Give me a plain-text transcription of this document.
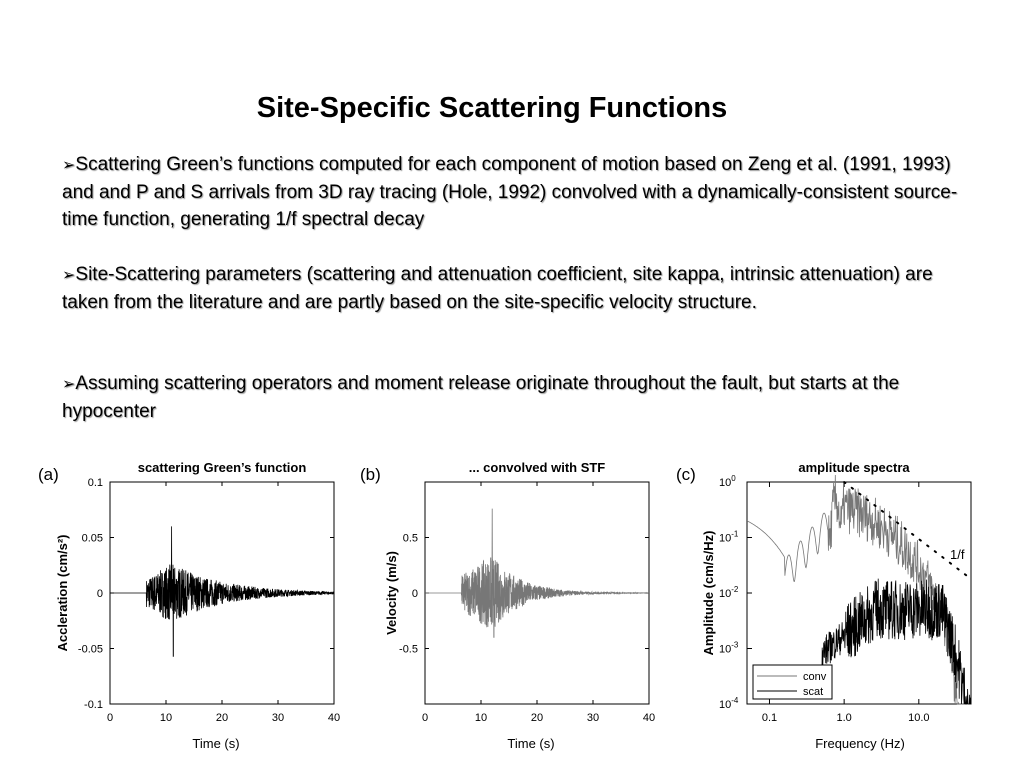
Site-Specific Scattering Functions
➢Scattering Green’s functions computed for each component of motion based on Zeng et al. (1991, 1993) and and P and S arrivals from 3D ray tracing (Hole, 1992) convolved with a dynamically-consistent source-time function, generating 1/f spectral decay
➢Site-Scattering parameters (scattering and attenuation coefficient, site kappa, intrinsic attenuation) are taken from the literature and are partly based on the site-specific velocity structure.
➢Assuming scattering operators and moment release originate throughout the fault, but starts at the hypocenter
(a)	scattering Green’s function
0	10	20	30	40
0.1
0.05
0
-0.05
-0.1
Time (s)
Accleration (cm/s²)
(b)	... convolved with STF
0	10	20	30	40
0.5
0
-0.5
Time (s)
Velocity (m/s)
(c)	amplitude spectra
0.1	1.0	10.0
$10^0$
$10^{-1}$
$10^{-2}$
$10^{-3}$
$10^{-4}$
Frequency (Hz)
Amplitude (cm/s/Hz)	1/f
conv
scat
